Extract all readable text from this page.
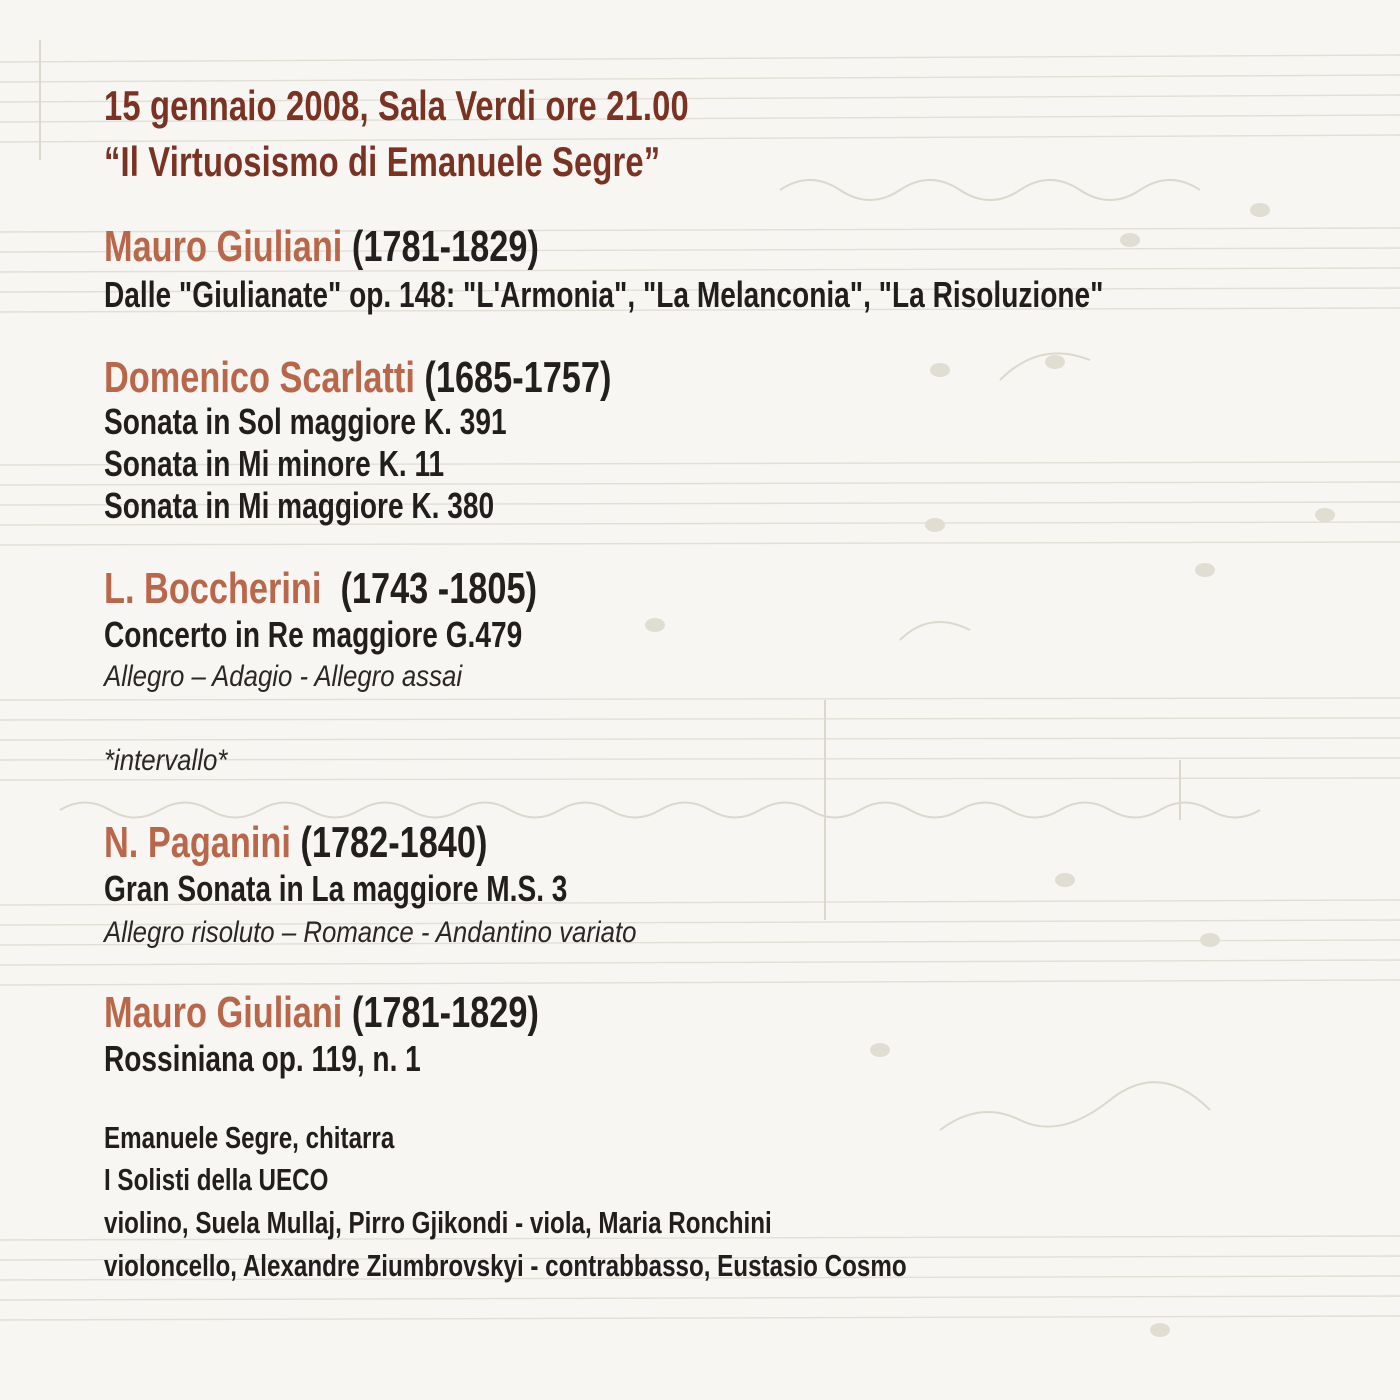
15 gennaio 2008, Sala Verdi ore 21.00
“Il Virtuosismo di Emanuele Segre”
Mauro Giuliani (1781-1829)
Dalle "Giulianate" op. 148: "L'Armonia", "La Melanconia", "La Risoluzione"
Domenico Scarlatti (1685-1757)
Sonata in Sol maggiore K. 391
Sonata in Mi minore K. 11
Sonata in Mi maggiore K. 380
L. Boccherini  (1743 -1805)
Concerto in Re maggiore G.479
Allegro – Adagio - Allegro assai
*intervallo*
N. Paganini (1782-1840)
Gran Sonata in La maggiore M.S. 3
Allegro risoluto – Romance - Andantino variato
Mauro Giuliani (1781-1829)
Rossiniana op. 119, n. 1
Emanuele Segre, chitarra
I Solisti della UECO
violino, Suela Mullaj, Pirro Gjikondi - viola, Maria Ronchini
violoncello, Alexandre Ziumbrovskyi - contrabbasso, Eustasio Cosmo
